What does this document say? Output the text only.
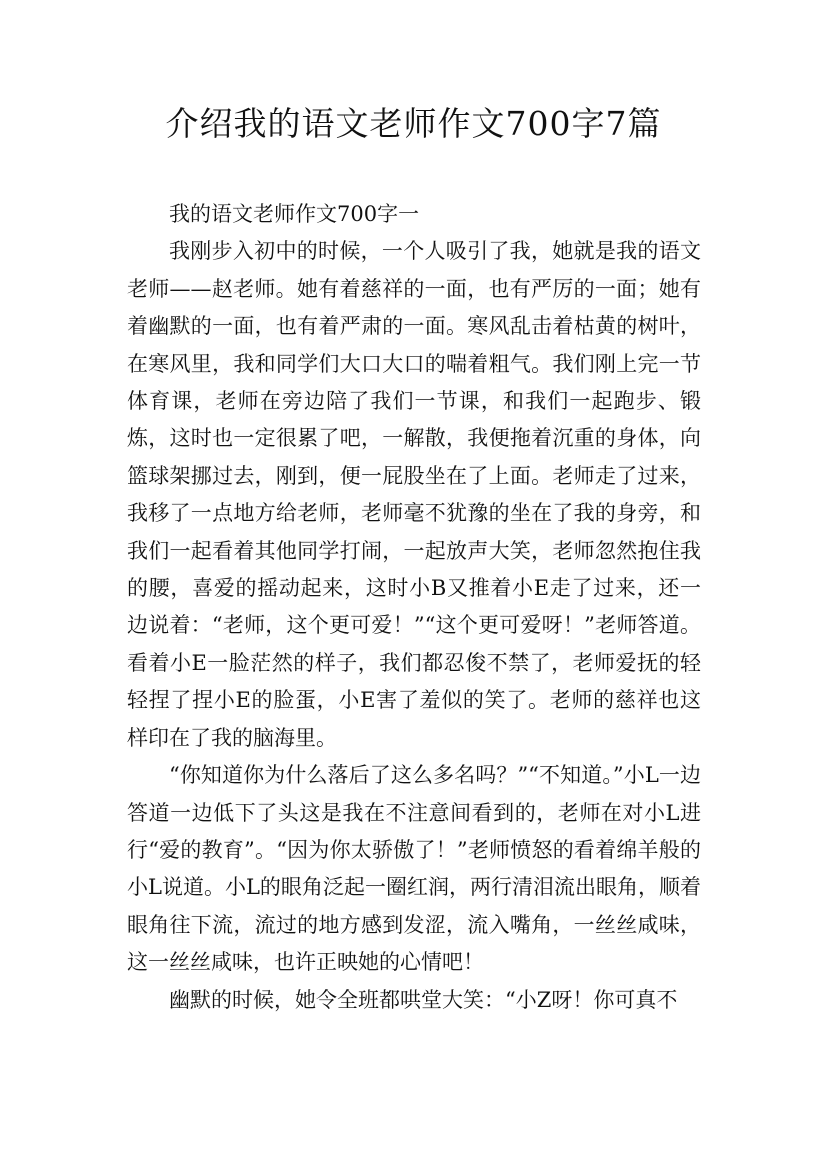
介绍我的语文老师作文700字7篇

我的语文老师作文700字一

我刚步入初中的时候，一个人吸引了我，她就是我的语文老师——赵老师。她有着慈祥的一面，也有严厉的一面；她有着幽默的一面，也有着严肃的一面。寒风乱击着枯黄的树叶，在寒风里，我和同学们大口大口的喘着粗气。我们刚上完一节体育课，老师在旁边陪了我们一节课，和我们一起跑步、锻炼，这时也一定很累了吧，一解散，我便拖着沉重的身体，向篮球架挪过去，刚到，便一屁股坐在了上面。老师走了过来，我移了一点地方给老师，老师毫不犹豫的坐在了我的身旁，和我们一起看着其他同学打闹，一起放声大笑，老师忽然抱住我的腰，喜爱的摇动起来，这时小B又推着小E走了过来，还一边说着：“老师，这个更可爱！”“这个更可爱呀！”老师答道。看着小E一脸茫然的样子，我们都忍俊不禁了，老师爱抚的轻轻捏了捏小E的脸蛋，小E害了羞似的笑了。老师的慈祥也这样印在了我的脑海里。

“你知道你为什么落后了这么多名吗？”“不知道。”小L一边答道一边低下了头这是我在不注意间看到的，老师在对小L进行“爱的教育”。“因为你太骄傲了！”老师愤怒的看着绵羊般的小L说道。小L的眼角泛起一圈红润，两行清泪流出眼角，顺着眼角往下流，流过的地方感到发涩，流入嘴角，一丝丝咸味，这一丝丝咸味，也许正映她的心情吧！

幽默的时候，她令全班都哄堂大笑：“小Z呀！你可真不
